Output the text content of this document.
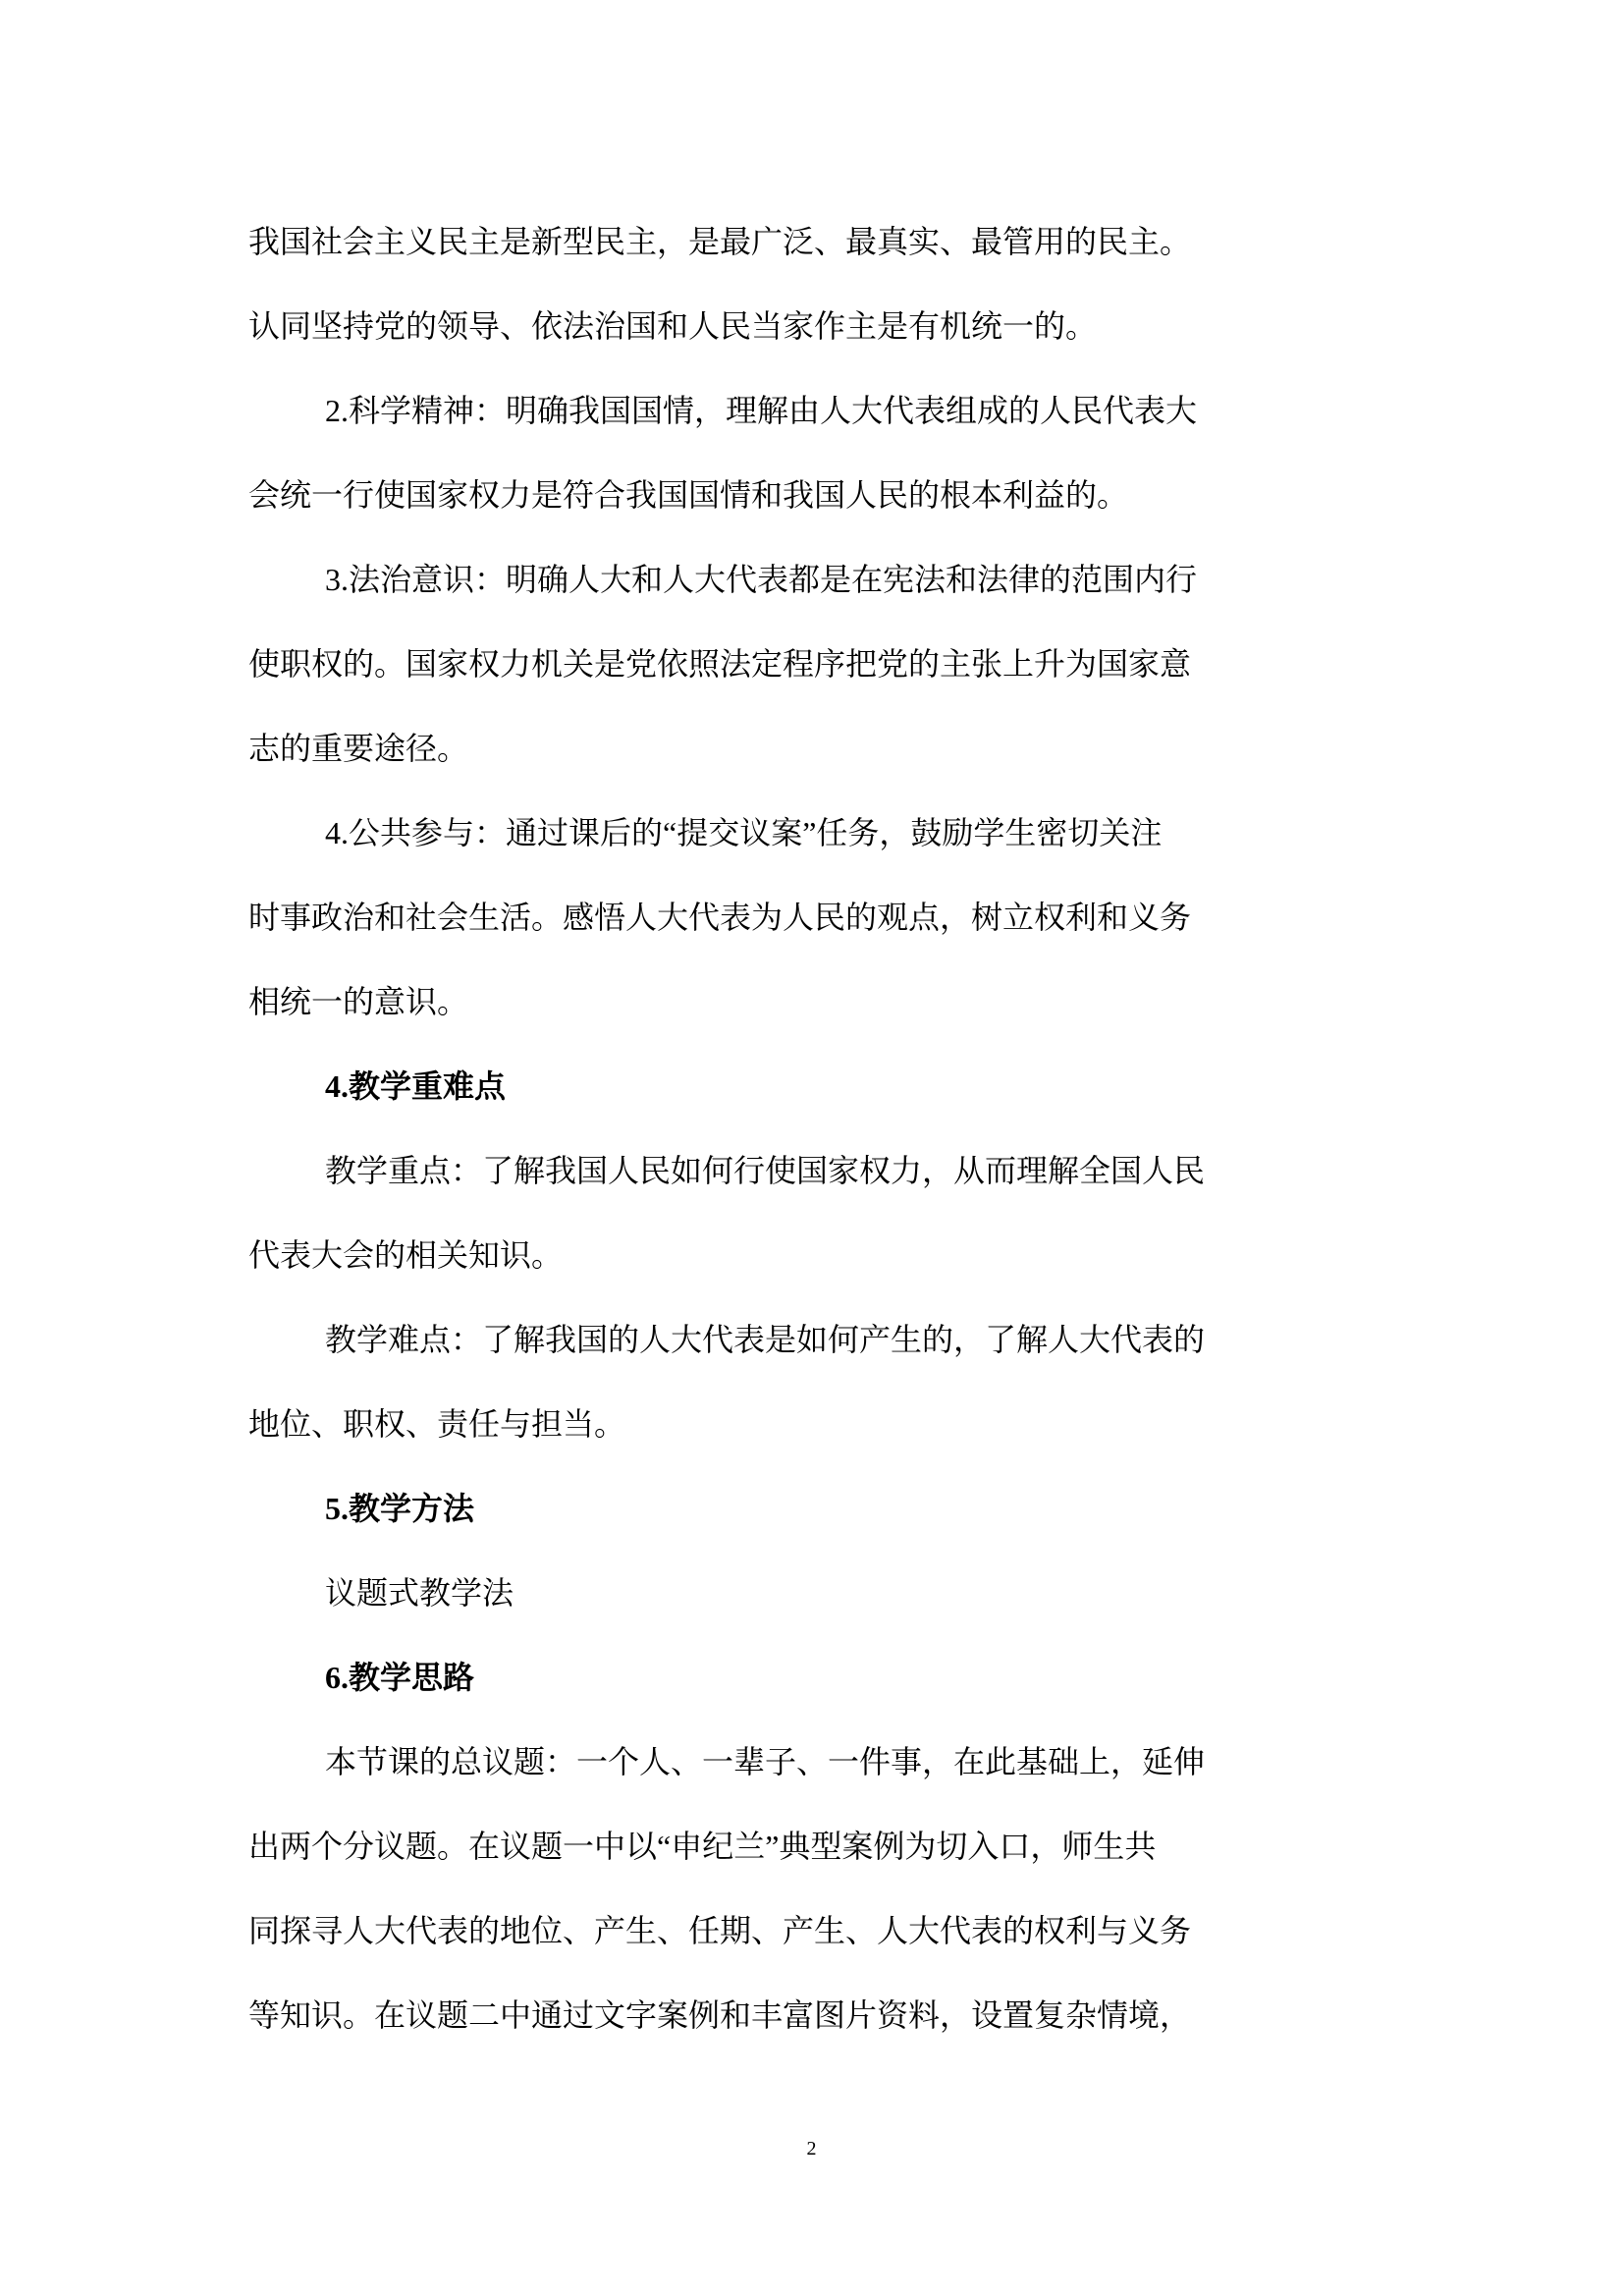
我国社会主义民主是新型民主，是最广泛、最真实、最管用的民主。
认同坚持党的领导、依法治国和人民当家作主是有机统一的。
2.科学精神：明确我国国情，理解由人大代表组成的人民代表大
会统一行使国家权力是符合我国国情和我国人民的根本利益的。
3.法治意识：明确人大和人大代表都是在宪法和法律的范围内行
使职权的。国家权力机关是党依照法定程序把党的主张上升为国家意
志的重要途径。
4.公共参与：通过课后的“提交议案”任务，鼓励学生密切关注
时事政治和社会生活。感悟人大代表为人民的观点，树立权利和义务
相统一的意识。
4.教学重难点
教学重点：了解我国人民如何行使国家权力，从而理解全国人民
代表大会的相关知识。
教学难点：了解我国的人大代表是如何产生的，了解人大代表的
地位、职权、责任与担当。
5.教学方法
议题式教学法
6.教学思路
本节课的总议题：一个人、一辈子、一件事，在此基础上，延伸
出两个分议题。在议题一中以“申纪兰”典型案例为切入口，师生共
同探寻人大代表的地位、产生、任期、产生、人大代表的权利与义务
等知识。在议题二中通过文字案例和丰富图片资料，设置复杂情境，
2
